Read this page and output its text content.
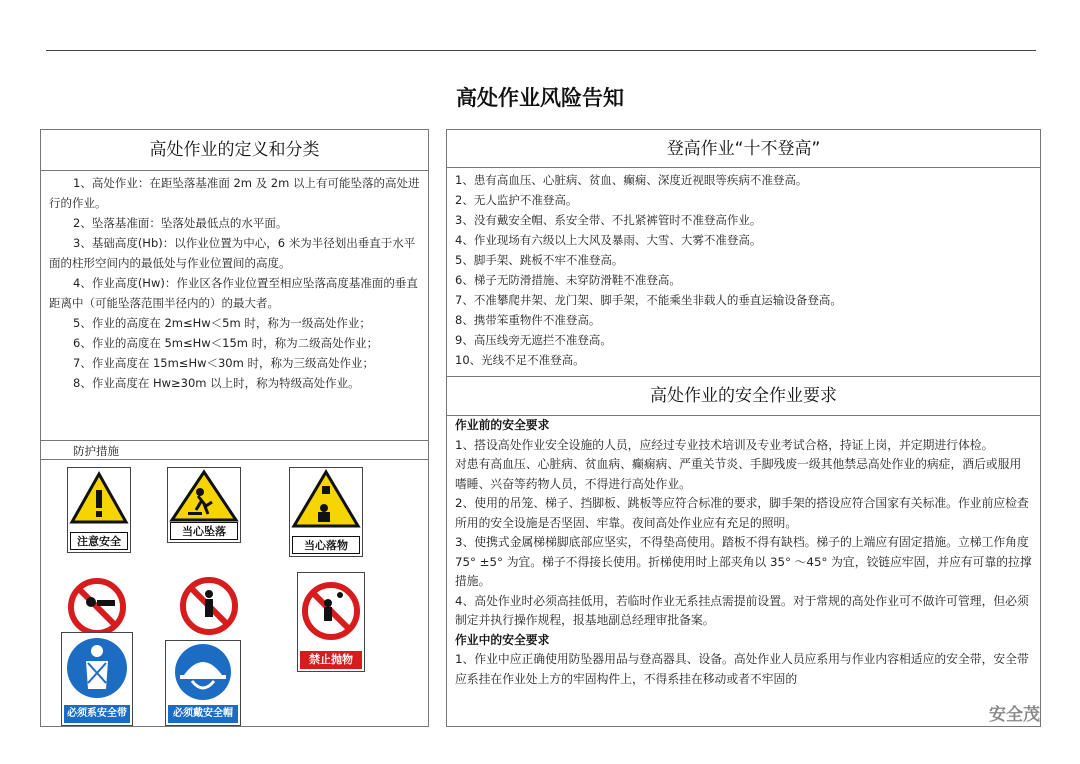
高处作业风险告知
高处作业的定义和分类

1、高处作业：在距坠落基准面 2m 及 2m 以上有可能坠落的高处进行的作业。

2、坠落基准面：坠落处最低点的水平面。

3、基础高度(Hb)：以作业位置为中心，6 米为半径划出垂直于水平面的柱形空间内的最低处与作业位置间的高度。

4、作业高度(Hw)：作业区各作业位置至相应坠落高度基准面的垂直距离中（可能坠落范围半径内的）的最大者。

5、作业的高度在 2m≤Hw＜5m 时，称为一级高处作业；

6、作业的高度在 5m≤Hw＜15m 时，称为二级高处作业；

7、作业高度在 15m≤Hw＜30m 时，称为三级高处作业；

8、作业高度在 Hw≥30m 以上时，称为特级高处作业。

防护措施
注意安全
当心坠落
当心落物
禁止抛物
必须系安全带	必须戴安全帽
登高作业“十不登高”
1、患有高血压、心脏病、贫血、癫痫、深度近视眼等疾病不准登高。
2、无人监护不准登高。
3、没有戴安全帽、系安全带、不扎紧裤管时不准登高作业。
4、作业现场有六级以上大风及暴雨、大雪、大雾不准登高。
5、脚手架、跳板不牢不准登高。
6、梯子无防滑措施、未穿防滑鞋不准登高。
7、不准攀爬井架、龙门架、脚手架，不能乘坐非载人的垂直运输设备登高。
8、携带笨重物件不准登高。
9、高压线旁无遮拦不准登高。
10、光线不足不准登高。
高处作业的安全作业要求

作业前的安全要求

1、搭设高处作业安全设施的人员，应经过专业技术培训及专业考试合格，持证上岗，并定期进行体检。

对患有高血压、心脏病、贫血病、癫痫病、严重关节炎、手脚残废一级其他禁忌高处作业的病症，酒后或服用嗜睡、兴奋等药物人员，不得进行高处作业。

2、使用的吊笼、梯子、挡脚板、跳板等应符合标准的要求，脚手架的搭设应符合国家有关标准。作业前应检查所用的安全设施是否坚固、牢靠。夜间高处作业应有充足的照明。

3、使携式金属梯梯脚底部应坚实，不得垫高使用。踏板不得有缺档。梯子的上端应有固定措施。立梯工作角度 75° ±5° 为宜。梯子不得接长使用。折梯使用时上部夹角以 35° ～45° 为宜，铰链应牢固，并应有可靠的拉撑措施。

4、高处作业时必须高挂低用，若临时作业无系挂点需提前设置。对于常规的高处作业可不做许可管理，但必须制定并执行操作规程，报基地副总经理审批备案。

作业中的安全要求

1、作业中应正确使用防坠器用品与登高器具、设备。高处作业人员应系用与作业内容相适应的安全带，安全带应系挂在作业处上方的牢固构件上，不得系挂在移动或者不牢固的

安全茂
